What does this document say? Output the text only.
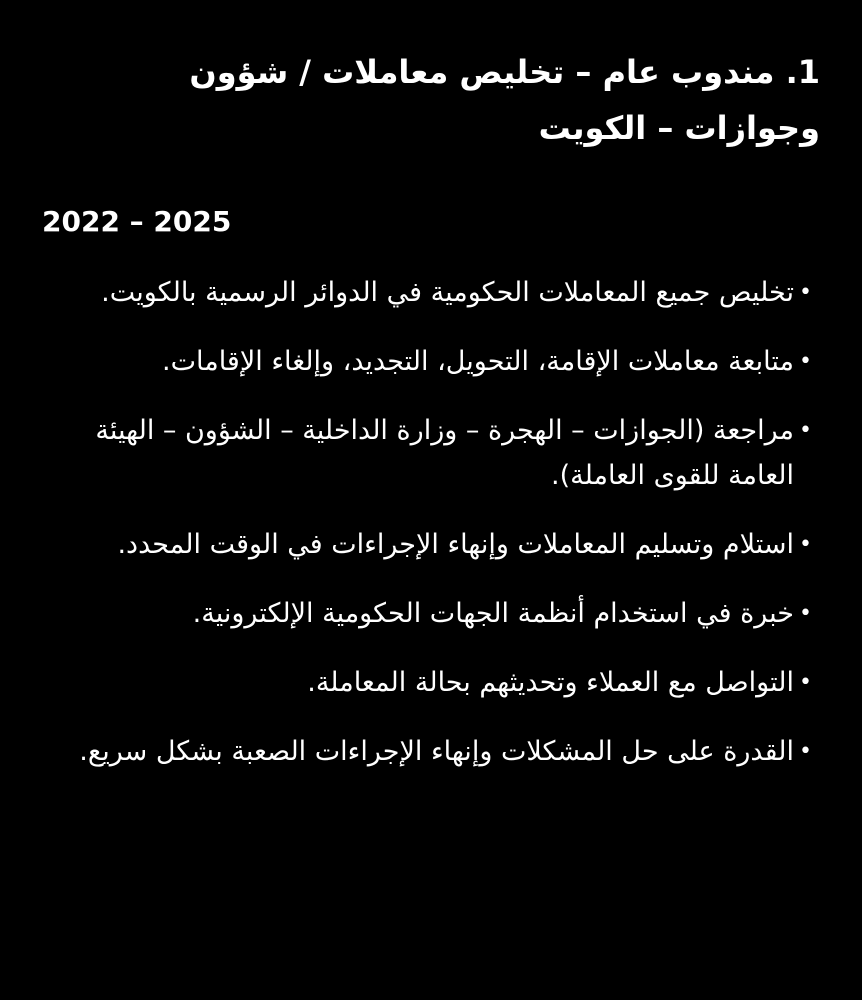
1. مندوب عام – تخليص معاملات / شؤون وجوازات – الكويت
2022 – 2025
•
تخليص جميع المعاملات الحكومية في الدوائر الرسمية بالكويت.
•
متابعة معاملات الإقامة، التحويل، التجديد، وإلغاء الإقامات.
•
مراجعة (الجوازات – الهجرة – وزارة الداخلية – الشؤون – الهيئة العامة للقوى العاملة).
•
استلام وتسليم المعاملات وإنهاء الإجراءات في الوقت المحدد.
•
خبرة في استخدام أنظمة الجهات الحكومية الإلكترونية.
•
التواصل مع العملاء وتحديثهم بحالة المعاملة.
•
القدرة على حل المشكلات وإنهاء الإجراءات الصعبة بشكل سريع.
